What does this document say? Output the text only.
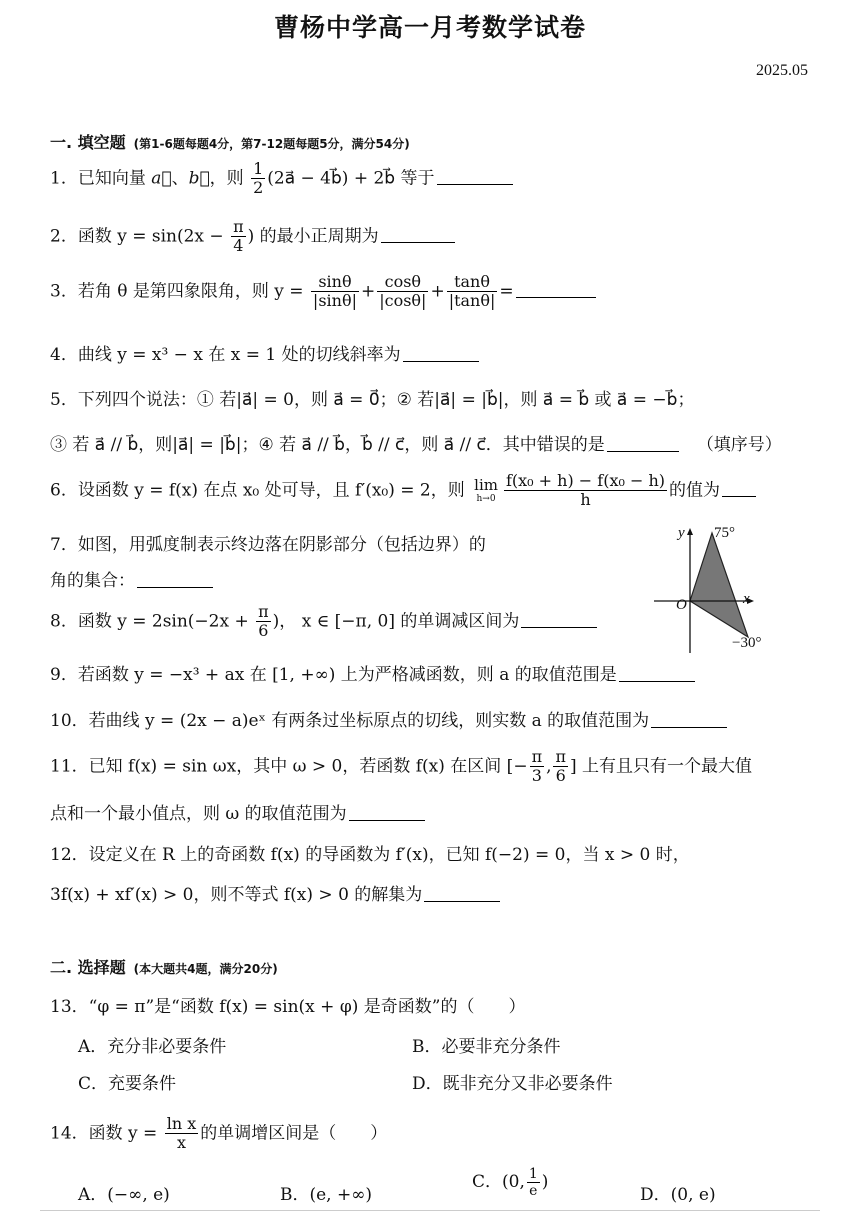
曹杨中学高一月考数学试卷
2025.05
一. 填空题 (第1-6题每题4分，第7-12题每题5分，满分54分)
1．已知向量 a⃗、b⃗，则 $\frac{1}{2}$ (2a⃗ − 4b⃗) + 2b⃗ 等于
2．函数 $y = \sin(2x - \frac{\pi}{4}$ ) 的最小正周期为
3．若角 θ 是第四象限角，则 $y = \frac{\sin\theta}{|\sin\theta|} + \frac{\cos\theta}{|\cos\theta|} + \frac{\tan\theta}{|\tan\theta|}$ =
4．曲线 y = x³ − x 在 x = 1 处的切线斜率为
5．下列四个说法：① 若|a⃗| = 0，则 a⃗ = 0⃗；② 若|a⃗| = |b⃗|，则 a⃗ = b⃗ 或 a⃗ = −b⃗；
③ 若 a⃗ // b⃗，则|a⃗| = |b⃗|；④ 若 a⃗ // b⃗，b⃗ // c⃗，则 a⃗ // c⃗．其中错误的是	（填序号）
6．设函数 y = f(x) 在点 x₀ 处可导，且 f′(x₀) = 2，则 lim
$h\to 0 \frac{\text{f(x₀ + h) − f(x₀ − h)}}{h}$ 的值为
7．如图，用弧度制表示终边落在阴影部分（包括边界）的
角的集合：
y 75°
O	x
−30°
8．函数 $y = 2\sin(-2x + \frac{\pi}{6}$ )， x ∈ [−π, 0] 的单调减区间为
9．若函数 y = −x³ + ax 在 [1, +∞) 上为严格减函数，则 a 的取值范围是
10．若曲线 y = (2x − a)eˣ 有两条过坐标原点的切线，则实数 a 的取值范围为
11．已知 f(x) = sin ωx，其中 ω > 0，若函数 f(x) 在区间 [− $\frac{\pi}{3}$ , $\frac{\pi}{6}$ ] 上有且只有一个最大值
点和一个最小值点，则 ω 的取值范围为
12．设定义在 R 上的奇函数 f(x) 的导函数为 f′(x)，已知 f(−2) = 0，当 x > 0 时，
3f(x) + xf′(x) > 0，则不等式 f(x) > 0 的解集为
二. 选择题 (本大题共4题，满分20分)
13．“φ = π”是“函数 f(x) = sin(x + φ) 是奇函数”的（　　）
A．充分非必要条件	B．必要非充分条件
C．充要条件	D．既非充分又非必要条件
14．函数 $y = \frac{\text{ln x}}{x}$ 的单调增区间是（　　）
A．(−∞, e)	B．(e, +∞)
C．(0, $\frac{1}{e}$ )
D．(0, e)
